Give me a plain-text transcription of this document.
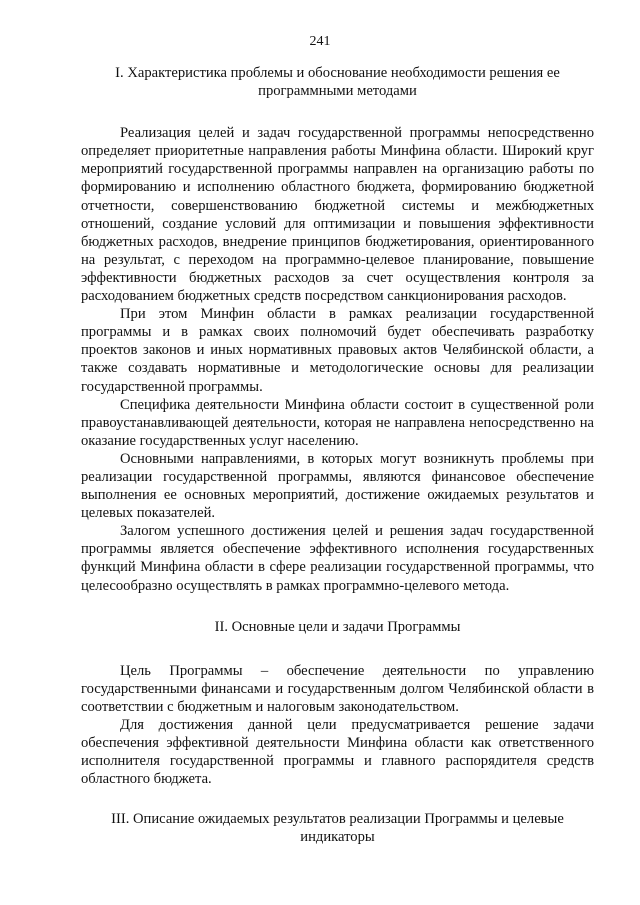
241
I. Характеристика проблемы и обоснование необходимости решения ее программными методами

Реализация целей и задач государственной программы непосредственно определяет приоритетные направления работы Минфина области. Широкий круг мероприятий государственной программы направлен на организацию работы по формированию и исполнению областного бюджета, формированию бюджетной отчетности, совершенствованию бюджетной системы и межбюджетных отношений, создание условий для оптимизации и повышения эффективности бюджетных расходов, внедрение принципов бюджетирования, ориентированного на результат, с переходом на программно-целевое планирование, повышение эффективности бюджетных расходов за счет осуществления контроля за расходованием бюджетных средств посредством санкционирования расходов.

При этом Минфин области в рамках реализации государственной программы и в рамках своих полномочий будет обеспечивать разработку проектов законов и иных нормативных правовых актов Челябинской области, а также создавать нормативные и методологические основы для реализации государственной программы.

Специфика деятельности Минфина области состоит в существенной роли правоустанавливающей деятельности, которая не направлена непосредственно на оказание государственных услуг населению.

Основными направлениями, в которых могут возникнуть проблемы при реализации государственной программы, являются финансовое обеспечение выполнения ее основных мероприятий, достижение ожидаемых результатов и целевых показателей.

Залогом успешного достижения целей и решения задач государственной программы является обеспечение эффективного исполнения государственных функций Минфина области в сфере реализации государственной программы, что целесообразно осуществлять в рамках программно-целевого метода.

II. Основные цели и задачи Программы

Цель Программы – обеспечение деятельности по управлению государственными финансами и государственным долгом Челябинской области в соответствии с бюджетным и налоговым законодательством.

Для достижения данной цели предусматривается решение задачи обеспечения эффективной деятельности Минфина области как ответственного исполнителя государственной программы и главного распорядителя средств областного бюджета.

III. Описание ожидаемых результатов реализации Программы и целевые индикаторы
